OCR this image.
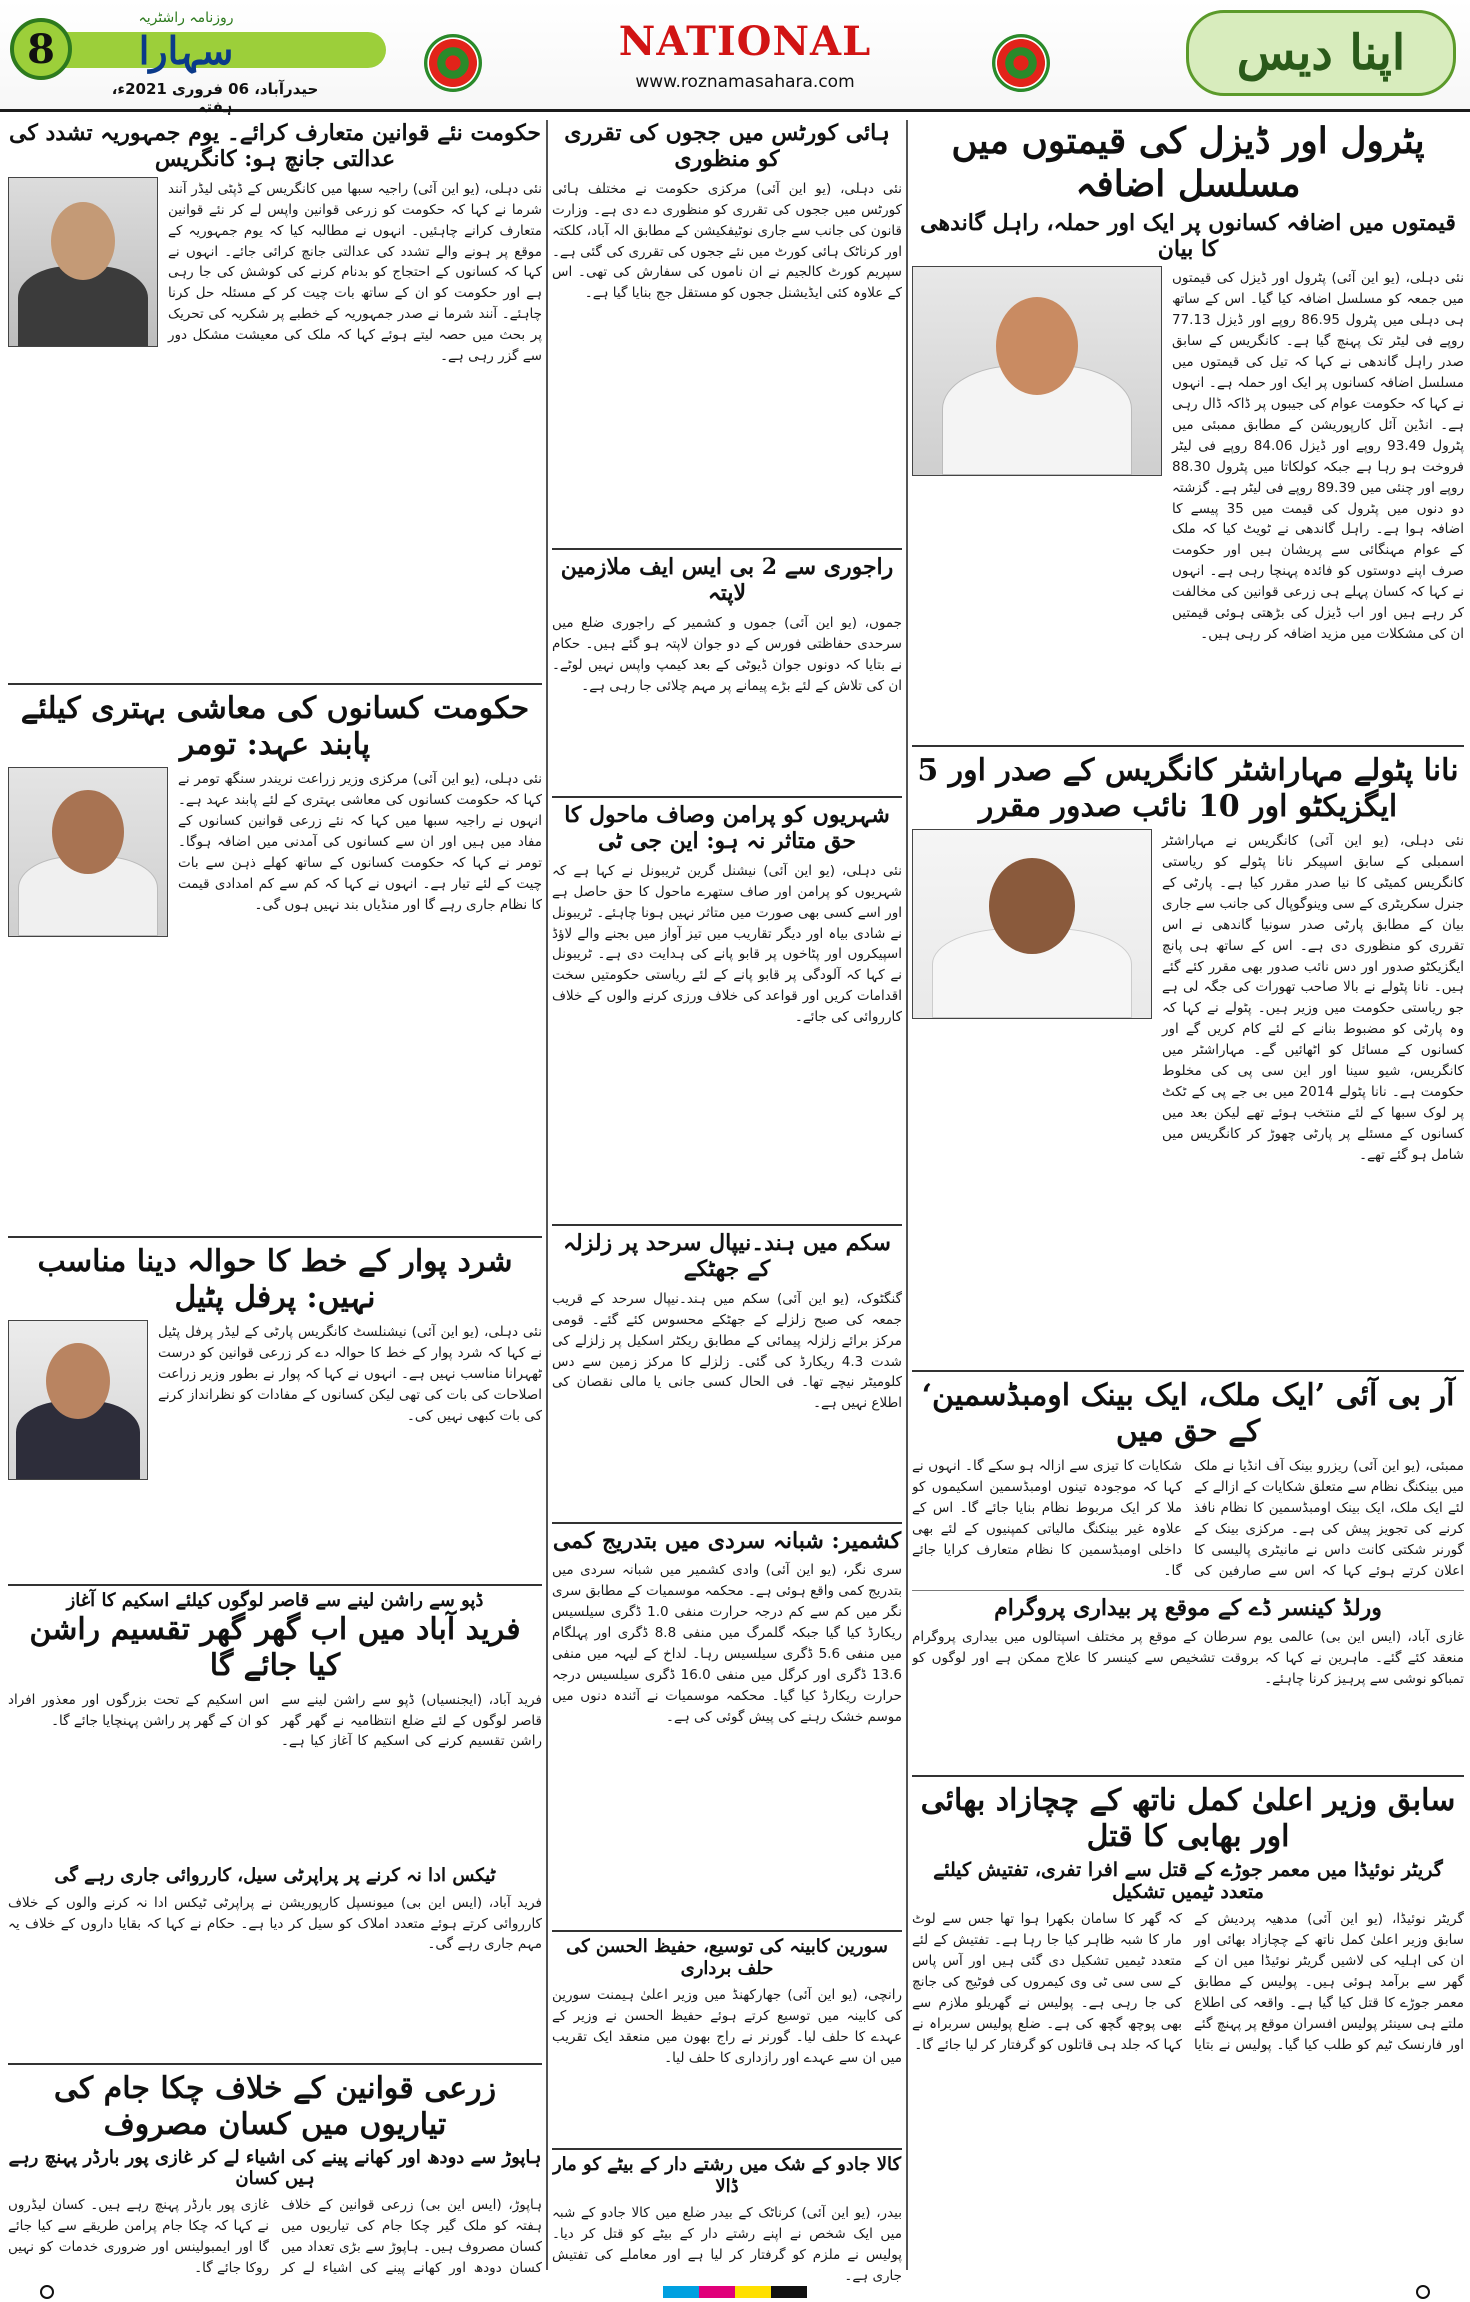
8
روزنامہ راشٹریہ
سہارا
حیدرآباد، 06 فروری 2021ء، ہفتہ
NATIONAL
www.roznamasahara.com
اپنا دیس
پٹرول اور ڈیزل کی قیمتوں میں مسلسل اضافہ
قیمتوں میں اضافہ کسانوں پر ایک اور حملہ، راہل گاندھی کا بیان
نئی دہلی، (یو این آئی) پٹرول اور ڈیزل کی قیمتوں میں جمعہ کو مسلسل اضافہ کیا گیا۔ اس کے ساتھ ہی دہلی میں پٹرول 86.95 روپے اور ڈیزل 77.13 روپے فی لیٹر تک پہنچ گیا ہے۔ کانگریس کے سابق صدر راہل گاندھی نے کہا کہ تیل کی قیمتوں میں مسلسل اضافہ کسانوں پر ایک اور حملہ ہے۔ انہوں نے کہا کہ حکومت عوام کی جیبوں پر ڈاکہ ڈال رہی ہے۔ انڈین آئل کارپوریشن کے مطابق ممبئی میں پٹرول 93.49 روپے اور ڈیزل 84.06 روپے فی لیٹر فروخت ہو رہا ہے جبکہ کولکاتا میں پٹرول 88.30 روپے اور چنئی میں 89.39 روپے فی لیٹر ہے۔ گزشتہ دو دنوں میں پٹرول کی قیمت میں 35 پیسے کا اضافہ ہوا ہے۔ راہل گاندھی نے ٹویٹ کیا کہ ملک کے عوام مہنگائی سے پریشان ہیں اور حکومت صرف اپنے دوستوں کو فائدہ پہنچا رہی ہے۔ انہوں نے کہا کہ کسان پہلے ہی زرعی قوانین کی مخالفت کر رہے ہیں اور اب ڈیزل کی بڑھتی ہوئی قیمتیں ان کی مشکلات میں مزید اضافہ کر رہی ہیں۔
نانا پٹولے مہاراشٹر کانگریس کے صدر اور 5 ایگزیکٹو اور 10 نائب صدور مقرر
نئی دہلی، (یو این آئی) کانگریس نے مہاراشٹر اسمبلی کے سابق اسپیکر نانا پٹولے کو ریاستی کانگریس کمیٹی کا نیا صدر مقرر کیا ہے۔ پارٹی کے جنرل سکریٹری کے سی وینوگوپال کی جانب سے جاری بیان کے مطابق پارٹی صدر سونیا گاندھی نے اس تقرری کو منظوری دی ہے۔ اس کے ساتھ ہی پانچ ایگزیکٹو صدور اور دس نائب صدور بھی مقرر کئے گئے ہیں۔ نانا پٹولے نے بالا صاحب تھورات کی جگہ لی ہے جو ریاستی حکومت میں وزیر ہیں۔ پٹولے نے کہا کہ وہ پارٹی کو مضبوط بنانے کے لئے کام کریں گے اور کسانوں کے مسائل کو اٹھائیں گے۔ مہاراشٹر میں کانگریس، شیو سینا اور این سی پی کی مخلوط حکومت ہے۔ نانا پٹولے 2014 میں بی جے پی کے ٹکٹ پر لوک سبھا کے لئے منتخب ہوئے تھے لیکن بعد میں کسانوں کے مسئلے پر پارٹی چھوڑ کر کانگریس میں شامل ہو گئے تھے۔
آر بی آئی ’ایک ملک، ایک بینک اومبڈسمین‘ کے حق میں
ممبئی، (یو این آئی) ریزرو بینک آف انڈیا نے ملک میں بینکنگ نظام سے متعلق شکایات کے ازالے کے لئے ایک ملک، ایک بینک اومبڈسمین کا نظام نافذ کرنے کی تجویز پیش کی ہے۔ مرکزی بینک کے گورنر شکتی کانت داس نے مانیٹری پالیسی کا اعلان کرتے ہوئے کہا کہ اس سے صارفین کی شکایات کا تیزی سے ازالہ ہو سکے گا۔ انہوں نے کہا کہ موجودہ تینوں اومبڈسمین اسکیموں کو ملا کر ایک مربوط نظام بنایا جائے گا۔ اس کے علاوہ غیر بینکنگ مالیاتی کمپنیوں کے لئے بھی داخلی اومبڈسمین کا نظام متعارف کرایا جائے گا۔
ورلڈ کینسر ڈے کے موقع پر بیداری پروگرام
غازی آباد، (ایس این بی) عالمی یوم سرطان کے موقع پر مختلف اسپتالوں میں بیداری پروگرام منعقد کئے گئے۔ ماہرین نے کہا کہ بروقت تشخیص سے کینسر کا علاج ممکن ہے اور لوگوں کو تمباکو نوشی سے پرہیز کرنا چاہئے۔
سابق وزیر اعلیٰ کمل ناتھ کے چچازاد بھائی اور بھابی کا قتل
گریٹر نوئیڈا میں معمر جوڑے کے قتل سے افرا تفری، تفتیش کیلئے متعدد ٹیمیں تشکیل
گریٹر نوئیڈا، (یو این آئی) مدھیہ پردیش کے سابق وزیر اعلیٰ کمل ناتھ کے چچازاد بھائی اور ان کی اہلیہ کی لاشیں گریٹر نوئیڈا میں ان کے گھر سے برآمد ہوئی ہیں۔ پولیس کے مطابق معمر جوڑے کا قتل کیا گیا ہے۔ واقعہ کی اطلاع ملتے ہی سینئر پولیس افسران موقع پر پہنچ گئے اور فارنسک ٹیم کو طلب کیا گیا۔ پولیس نے بتایا کہ گھر کا سامان بکھرا ہوا تھا جس سے لوٹ مار کا شبہ ظاہر کیا جا رہا ہے۔ تفتیش کے لئے متعدد ٹیمیں تشکیل دی گئی ہیں اور آس پاس کے سی سی ٹی وی کیمروں کی فوٹیج کی جانچ کی جا رہی ہے۔ پولیس نے گھریلو ملازم سے بھی پوچھ گچھ کی ہے۔ ضلع پولیس سربراہ نے کہا کہ جلد ہی قاتلوں کو گرفتار کر لیا جائے گا۔
ہائی کورٹس میں ججوں کی تقرری کو منظوری
نئی دہلی، (یو این آئی) مرکزی حکومت نے مختلف ہائی کورٹس میں ججوں کی تقرری کو منظوری دے دی ہے۔ وزارت قانون کی جانب سے جاری نوٹیفکیشن کے مطابق الہ آباد، کلکتہ اور کرناٹک ہائی کورٹ میں نئے ججوں کی تقرری کی گئی ہے۔ سپریم کورٹ کالجیم نے ان ناموں کی سفارش کی تھی۔ اس کے علاوہ کئی ایڈیشنل ججوں کو مستقل جج بنایا گیا ہے۔
راجوری سے 2 بی ایس ایف ملازمین لاپتہ
جموں، (یو این آئی) جموں و کشمیر کے راجوری ضلع میں سرحدی حفاظتی فورس کے دو جوان لاپتہ ہو گئے ہیں۔ حکام نے بتایا کہ دونوں جوان ڈیوٹی کے بعد کیمپ واپس نہیں لوٹے۔ ان کی تلاش کے لئے بڑے پیمانے پر مہم چلائی جا رہی ہے۔
شہریوں کو پرامن وصاف ماحول کا حق متاثر نہ ہو: این جی ٹی
نئی دہلی، (یو این آئی) نیشنل گرین ٹریبونل نے کہا ہے کہ شہریوں کو پرامن اور صاف ستھرے ماحول کا حق حاصل ہے اور اسے کسی بھی صورت میں متاثر نہیں ہونا چاہئے۔ ٹریبونل نے شادی بیاہ اور دیگر تقاریب میں تیز آواز میں بجنے والے لاؤڈ اسپیکروں اور پٹاخوں پر قابو پانے کی ہدایت دی ہے۔ ٹریبونل نے کہا کہ آلودگی پر قابو پانے کے لئے ریاستی حکومتیں سخت اقدامات کریں اور قواعد کی خلاف ورزی کرنے والوں کے خلاف کارروائی کی جائے۔
سکم میں ہند۔نیپال سرحد پر زلزلہ کے جھٹکے
گنگٹوک، (یو این آئی) سکم میں ہند۔نیپال سرحد کے قریب جمعہ کی صبح زلزلے کے جھٹکے محسوس کئے گئے۔ قومی مرکز برائے زلزلہ پیمائی کے مطابق ریکٹر اسکیل پر زلزلے کی شدت 4.3 ریکارڈ کی گئی۔ زلزلے کا مرکز زمین سے دس کلومیٹر نیچے تھا۔ فی الحال کسی جانی یا مالی نقصان کی اطلاع نہیں ہے۔
کشمیر: شبانہ سردی میں بتدریج کمی
سری نگر، (یو این آئی) وادی کشمیر میں شبانہ سردی میں بتدریج کمی واقع ہوئی ہے۔ محکمہ موسمیات کے مطابق سری نگر میں کم سے کم درجہ حرارت منفی 1.0 ڈگری سیلسیس ریکارڈ کیا گیا جبکہ گلمرگ میں منفی 8.8 ڈگری اور پہلگام میں منفی 5.6 ڈگری سیلسیس رہا۔ لداخ کے لیہہ میں منفی 13.6 ڈگری اور کرگل میں منفی 16.0 ڈگری سیلسیس درجہ حرارت ریکارڈ کیا گیا۔ محکمہ موسمیات نے آئندہ دنوں میں موسم خشک رہنے کی پیش گوئی کی ہے۔
سورین کابینہ کی توسیع، حفیظ الحسن کی حلف برداری
رانچی، (یو این آئی) جھارکھنڈ میں وزیر اعلیٰ ہیمنت سورین کی کابینہ میں توسیع کرتے ہوئے حفیظ الحسن نے وزیر کے عہدے کا حلف لیا۔ گورنر نے راج بھون میں منعقد ایک تقریب میں ان سے عہدے اور رازداری کا حلف لیا۔
کالا جادو کے شک میں رشتے دار کے بیٹے کو مار ڈالا
بیدر، (یو این آئی) کرناٹک کے بیدر ضلع میں کالا جادو کے شبہ میں ایک شخص نے اپنے رشتے دار کے بیٹے کو قتل کر دیا۔ پولیس نے ملزم کو گرفتار کر لیا ہے اور معاملے کی تفتیش جاری ہے۔
حکومت نئے قوانین متعارف کرائے۔ یوم جمہوریہ تشدد کی عدالتی جانچ ہو: کانگریس
نئی دہلی، (یو این آئی) راجیہ سبھا میں کانگریس کے ڈپٹی لیڈر آنند شرما نے کہا کہ حکومت کو زرعی قوانین واپس لے کر نئے قوانین متعارف کرانے چاہئیں۔ انہوں نے مطالبہ کیا کہ یوم جمہوریہ کے موقع پر ہونے والے تشدد کی عدالتی جانچ کرائی جائے۔ انہوں نے کہا کہ کسانوں کے احتجاج کو بدنام کرنے کی کوشش کی جا رہی ہے اور حکومت کو ان کے ساتھ بات چیت کر کے مسئلہ حل کرنا چاہئے۔ آنند شرما نے صدر جمہوریہ کے خطبے پر شکریہ کی تحریک پر بحث میں حصہ لیتے ہوئے کہا کہ ملک کی معیشت مشکل دور سے گزر رہی ہے۔
حکومت کسانوں کی معاشی بہتری کیلئے پابند عہد: تومر
نئی دہلی، (یو این آئی) مرکزی وزیر زراعت نریندر سنگھ تومر نے کہا کہ حکومت کسانوں کی معاشی بہتری کے لئے پابند عہد ہے۔ انہوں نے راجیہ سبھا میں کہا کہ نئے زرعی قوانین کسانوں کے مفاد میں ہیں اور ان سے کسانوں کی آمدنی میں اضافہ ہوگا۔ تومر نے کہا کہ حکومت کسانوں کے ساتھ کھلے ذہن سے بات چیت کے لئے تیار ہے۔ انہوں نے کہا کہ کم سے کم امدادی قیمت کا نظام جاری رہے گا اور منڈیاں بند نہیں ہوں گی۔
شرد پوار کے خط کا حوالہ دینا مناسب نہیں: پرفل پٹیل
نئی دہلی، (یو این آئی) نیشنلسٹ کانگریس پارٹی کے لیڈر پرفل پٹیل نے کہا کہ شرد پوار کے خط کا حوالہ دے کر زرعی قوانین کو درست ٹھہرانا مناسب نہیں ہے۔ انہوں نے کہا کہ پوار نے بطور وزیر زراعت اصلاحات کی بات کی تھی لیکن کسانوں کے مفادات کو نظرانداز کرنے کی بات کبھی نہیں کی۔
ڈپو سے راشن لینے سے قاصر لوگوں کیلئے اسکیم کا آغاز
فرید آباد میں اب گھر گھر تقسیم راشن کیا جائے گا
فرید آباد، (ایجنسیاں) ڈپو سے راشن لینے سے قاصر لوگوں کے لئے ضلع انتظامیہ نے گھر گھر راشن تقسیم کرنے کی اسکیم کا آغاز کیا ہے۔ اس اسکیم کے تحت بزرگوں اور معذور افراد کو ان کے گھر پر راشن پہنچایا جائے گا۔
ٹیکس ادا نہ کرنے پر پراپرٹی سیل، کارروائی جاری رہے گی
فرید آباد، (ایس این بی) میونسپل کارپوریشن نے پراپرٹی ٹیکس ادا نہ کرنے والوں کے خلاف کارروائی کرتے ہوئے متعدد املاک کو سیل کر دیا ہے۔ حکام نے کہا کہ بقایا داروں کے خلاف یہ مہم جاری رہے گی۔
زرعی قوانین کے خلاف چکا جام کی تیاریوں میں کسان مصروف
ہاپوڑ سے دودھ اور کھانے پینے کی اشیاء لے کر غازی پور بارڈر پہنچ رہے ہیں کسان
ہاپوڑ، (ایس این بی) زرعی قوانین کے خلاف ہفتہ کو ملک گیر چکا جام کی تیاریوں میں کسان مصروف ہیں۔ ہاپوڑ سے بڑی تعداد میں کسان دودھ اور کھانے پینے کی اشیاء لے کر غازی پور بارڈر پہنچ رہے ہیں۔ کسان لیڈروں نے کہا کہ چکا جام پرامن طریقے سے کیا جائے گا اور ایمبولینس اور ضروری خدمات کو نہیں روکا جائے گا۔
